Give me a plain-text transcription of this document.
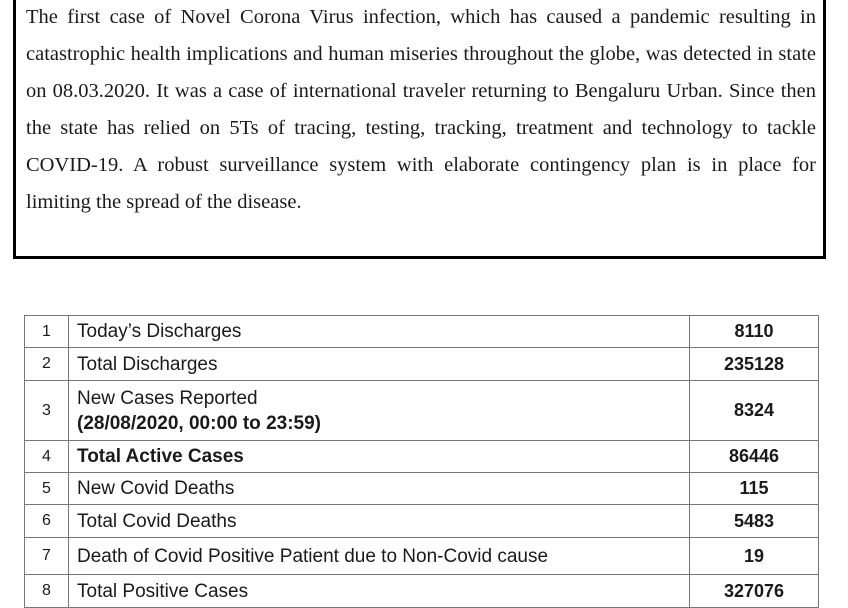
The first case of Novel Corona Virus infection, which has caused a pandemic resulting in catastrophic health implications and human miseries throughout the globe, was detected in state on 08.03.2020. It was a case of international traveler returning to Bengaluru Urban. Since then the state has relied on 5Ts of tracing, testing, tracking, treatment and technology to tackle COVID-19. A robust surveillance system with elaborate contingency plan is in place for limiting the spread of the disease.

1	Today’s Discharges	8110
2	Total Discharges	235128
3	New Cases Reported
(28/08/2020, 00:00 to 23:59)	8324
4	Total Active Cases	86446
5	New Covid Deaths	115
6	Total Covid Deaths	5483
7	Death of Covid Positive Patient due to Non-Covid cause	19
8	Total Positive Cases	327076
